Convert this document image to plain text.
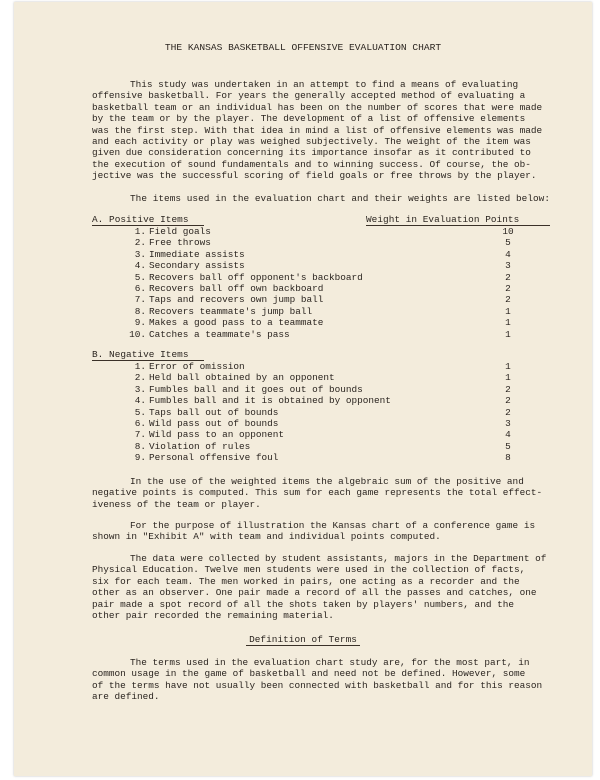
THE KANSAS BASKETBALL OFFENSIVE EVALUATION CHART
This study was undertaken in an attempt to find a means of evaluating
offensive basketball. For years the generally accepted method of evaluating a
basketball team or an individual has been on the number of scores that were made
by the team or by the player. The development of a list of offensive elements
was the first step. With that idea in mind a list of offensive elements was made
and each activity or play was weighed subjectively. The weight of the item was
given due consideration concerning its importance insofar as it contributed to
the execution of sound fundamentals and to winning success. Of course, the ob-
jective was the successful scoring of field goals or free throws by the player.
The items used in the evaluation chart and their weights are listed below:
A. Positive Items	Weight in Evaluation Points
1. Field goals	10
2. Free throws	5
3. Immediate assists	4
4. Secondary assists	3
5. Recovers ball off opponent's backboard	2
6. Recovers ball off own backboard	2
7. Taps and recovers own jump ball	2
8. Recovers teammate's jump ball	1
9. Makes a good pass to a teammate	1
10. Catches a teammate's pass	1
B. Negative Items
1. Error of omission	1
2. Held ball obtained by an opponent	1
3. Fumbles ball and it goes out of bounds	2
4. Fumbles ball and it is obtained by opponent	2
5. Taps ball out of bounds	2
6. Wild pass out of bounds	3
7. Wild pass to an opponent	4
8. Violation of rules	5
9. Personal offensive foul	8
In the use of the weighted items the algebraic sum of the positive and
negative points is computed. This sum for each game represents the total effect-
iveness of the team or player.
For the purpose of illustration the Kansas chart of a conference game is
shown in "Exhibit A" with team and individual points computed.
The data were collected by student assistants, majors in the Department of
Physical Education. Twelve men students were used in the collection of facts,
six for each team. The men worked in pairs, one acting as a recorder and the
other as an observer. One pair made a record of all the passes and catches, one
pair made a spot record of all the shots taken by players' numbers, and the
other pair recorded the remaining material.
Definition of Terms
The terms used in the evaluation chart study are, for the most part, in
common usage in the game of basketball and need not be defined. However, some
of the terms have not usually been connected with basketball and for this reason
are defined.
